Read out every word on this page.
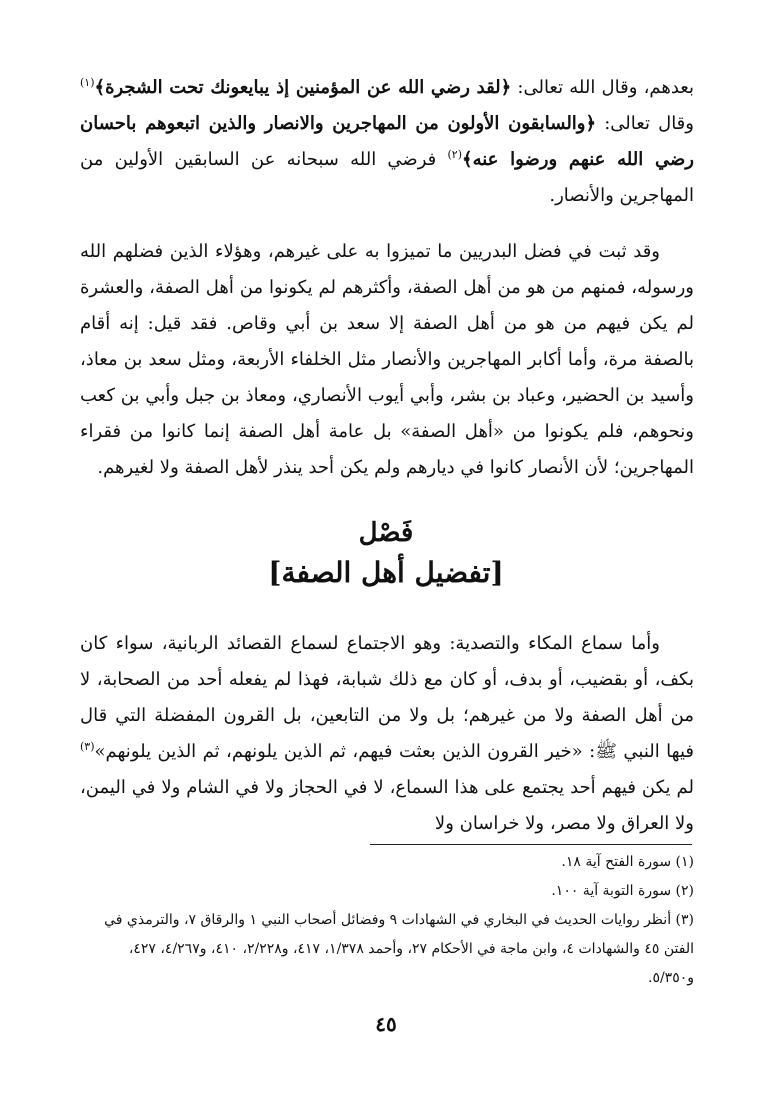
بعدهم، وقال الله تعالى: ﴿لقد رضي الله عن المؤمنين إذ يبايعونك تحت الشجرة﴾$^{(١)}$ وقال تعالى: ﴿والسابقون الأولون من المهاجرين والانصار والذين اتبعوهم باحسان رضي الله عنهم ورضوا عنه﴾$^{(٢)}$ فرضي الله سبحانه عن السابقين الأولين من المهاجرين والأنصار.

وقد ثبت في فضل البدريين ما تميزوا به على غيرهم، وهؤلاء الذين فضلهم الله ورسوله، فمنهم من هو من أهل الصفة، وأكثرهم لم يكونوا من أهل الصفة، والعشرة لم يكن فيهم من هو من أهل الصفة إلا سعد بن أبي وقاص. فقد قيل: إنه أقام بالصفة مرة، وأما أكابر المهاجرين والأنصار مثل الخلفاء الأربعة، ومثل سعد بن معاذ، وأسيد بن الحضير، وعباد بن بشر، وأبي أيوب الأنصاري، ومعاذ بن جبل وأبي بن كعب ونحوهم، فلم يكونوا من «أهل الصفة» بل عامة أهل الصفة إنما كانوا من فقراء المهاجرين؛ لأن الأنصار كانوا في ديارهم ولم يكن أحد ينذر لأهل الصفة ولا لغيرهم.

فَصْل
[تفضيل أهل الصفة]

وأما سماع المكاء والتصدية: وهو الاجتماع لسماع القصائد الربانية، سواء كان بكف، أو بقضيب، أو بدف، أو كان مع ذلك شبابة، فهذا لم يفعله أحد من الصحابة، لا من أهل الصفة ولا من غيرهم؛ بل ولا من التابعين، بل القرون المفضلة التي قال فيها النبي ﷺ: «خير القرون الذين بعثت فيهم، ثم الذين يلونهم، ثم الذين يلونهم»$^{(٣)}$ لم يكن فيهم أحد يجتمع على هذا السماع، لا في الحجاز ولا في الشام ولا في اليمن، ولا العراق ولا مصر، ولا خراسان ولا

(١) سورة الفتح آية ١٨.

(٢) سورة التوبة آية ١٠٠.

(٣) أنظر روايات الحديث في البخاري في الشهادات ٩ وفضائل أصحاب النبي ١ والرقاق ٧، والترمذي في الفتن ٤٥ والشهادات ٤، وابن ماجة في الأحكام ٢٧، وأحمد ١/٣٧٨، ٤١٧، و٢/٢٢٨، ٤١٠، و٤/٢٦٧، ٤٢٧، و٥/٣٥٠.

٤٥
